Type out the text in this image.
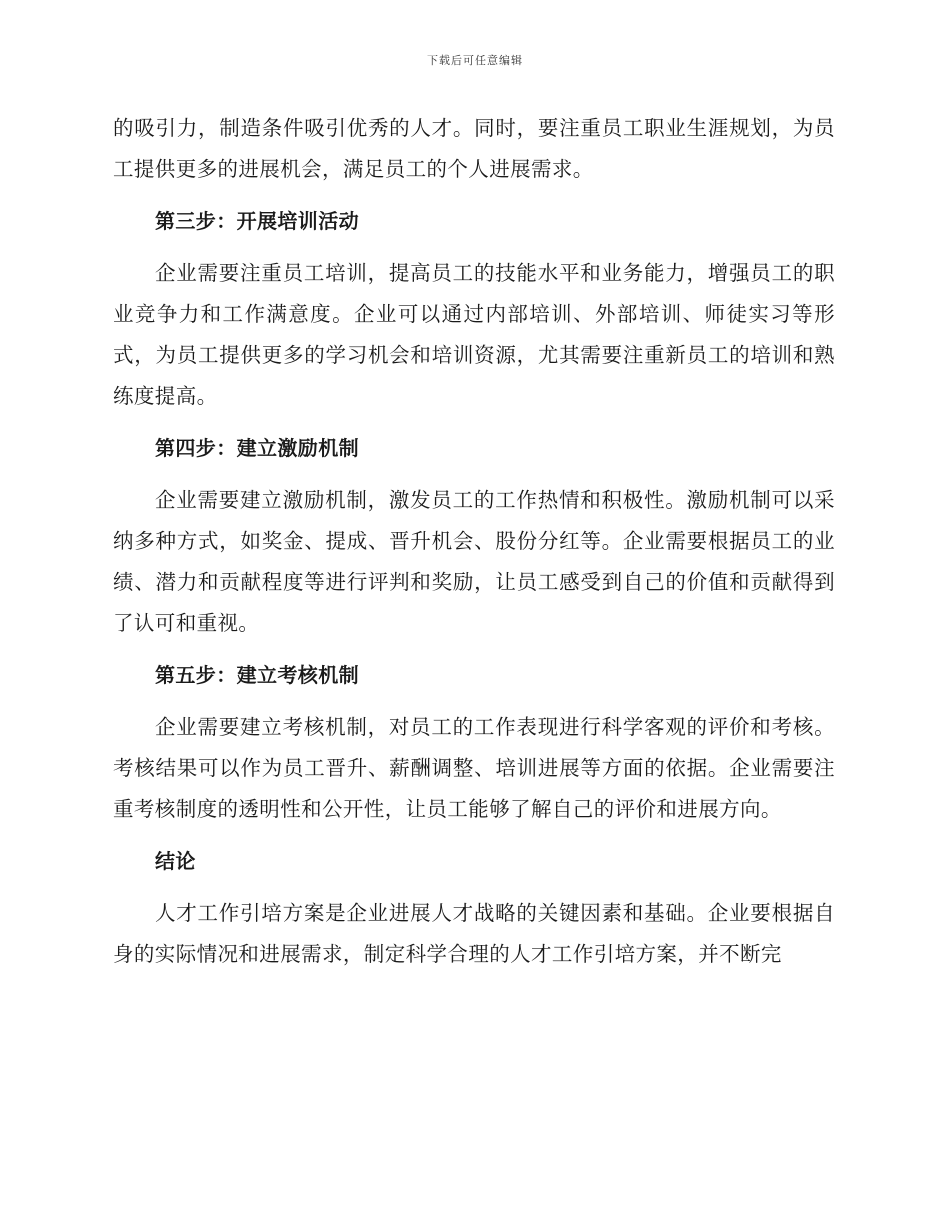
下载后可任意编辑

的吸引力，制造条件吸引优秀的人才。同时，要注重员工职业生涯规划，为员工提供更多的进展机会，满足员工的个人进展需求。

第三步：开展培训活动

企业需要注重员工培训，提高员工的技能水平和业务能力，增强员工的职业竞争力和工作满意度。企业可以通过内部培训、外部培训、师徒实习等形式，为员工提供更多的学习机会和培训资源，尤其需要注重新员工的培训和熟练度提高。

第四步：建立激励机制

企业需要建立激励机制，激发员工的工作热情和积极性。激励机制可以采纳多种方式，如奖金、提成、晋升机会、股份分红等。企业需要根据员工的业绩、潜力和贡献程度等进行评判和奖励，让员工感受到自己的价值和贡献得到了认可和重视。

第五步：建立考核机制

企业需要建立考核机制，对员工的工作表现进行科学客观的评价和考核。考核结果可以作为员工晋升、薪酬调整、培训进展等方面的依据。企业需要注重考核制度的透明性和公开性，让员工能够了解自己的评价和进展方向。

结论

人才工作引培方案是企业进展人才战略的关键因素和基础。企业要根据自身的实际情况和进展需求，制定科学合理的人才工作引培方案，并不断完
